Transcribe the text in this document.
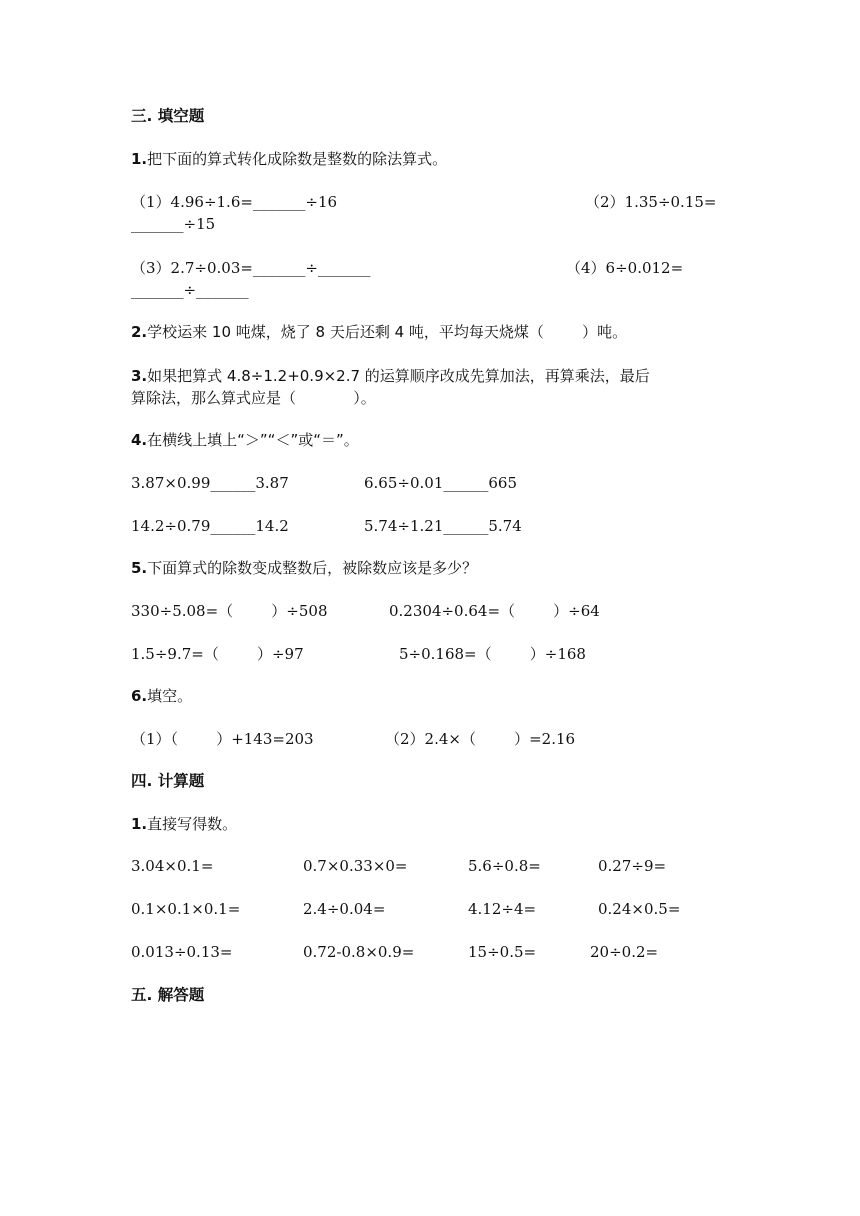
三. 填空题
1.把下面的算式转化成除数是整数的除法算式。
（1）4.96÷1.6=_______÷16	（2）1.35÷0.15=
_______÷15
（3）2.7÷0.03=_______÷_______	（4）6÷0.012=
_______÷_______
2.学校运来 10 吨煤，烧了 8 天后还剩 4 吨，平均每天烧煤（        ）吨。
3.如果把算式 4.8÷1.2+0.9×2.7 的运算顺序改成先算加法，再算乘法，最后
算除法，那么算式应是（            ）。
4.在横线上填上“＞”“＜”或“＝”。
3.87×0.99______3.87	6.65÷0.01______665
14.2÷0.79______14.2	5.74÷1.21______5.74
5.下面算式的除数变成整数后，被除数应该是多少？
330÷5.08=（        ）÷508	0.2304÷0.64=（        ）÷64
1.5÷9.7=（        ）÷97	5÷0.168=（        ）÷168
6.填空。
（1）（        ）+143=203	（2）2.4×（        ）=2.16
四. 计算题
1.直接写得数。
3.04×0.1=	0.7×0.33×0=	5.6÷0.8=	0.27÷9=
0.1×0.1×0.1=	2.4÷0.04=	4.12÷4=	0.24×0.5=
0.013÷0.13=	0.72-0.8×0.9=	15÷0.5=	20÷0.2=
五. 解答题
